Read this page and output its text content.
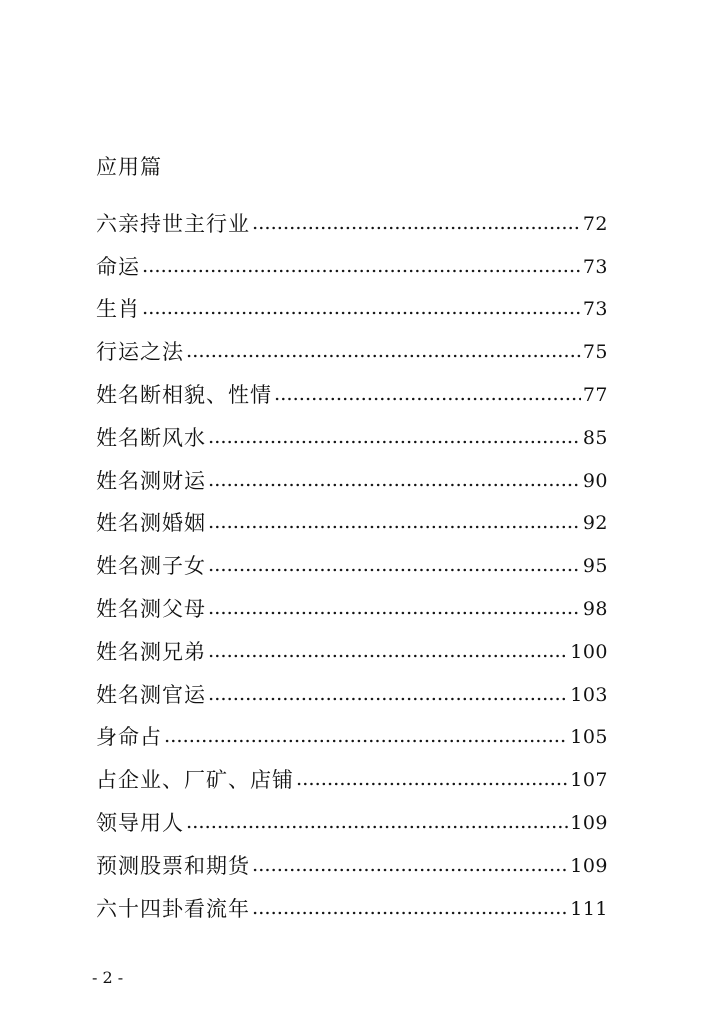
应用篇
六亲持世主行业	72
命运	73
生肖	73
行运之法	75
姓名断相貌、性情	77
姓名断风水	85
姓名测财运	90
姓名测婚姻	92
姓名测子女	95
姓名测父母	98
姓名测兄弟	100
姓名测官运	103
身命占	105
占企业、厂矿、店铺	107
领导用人	109
预测股票和期货	109
六十四卦看流年	111
- 2 -
